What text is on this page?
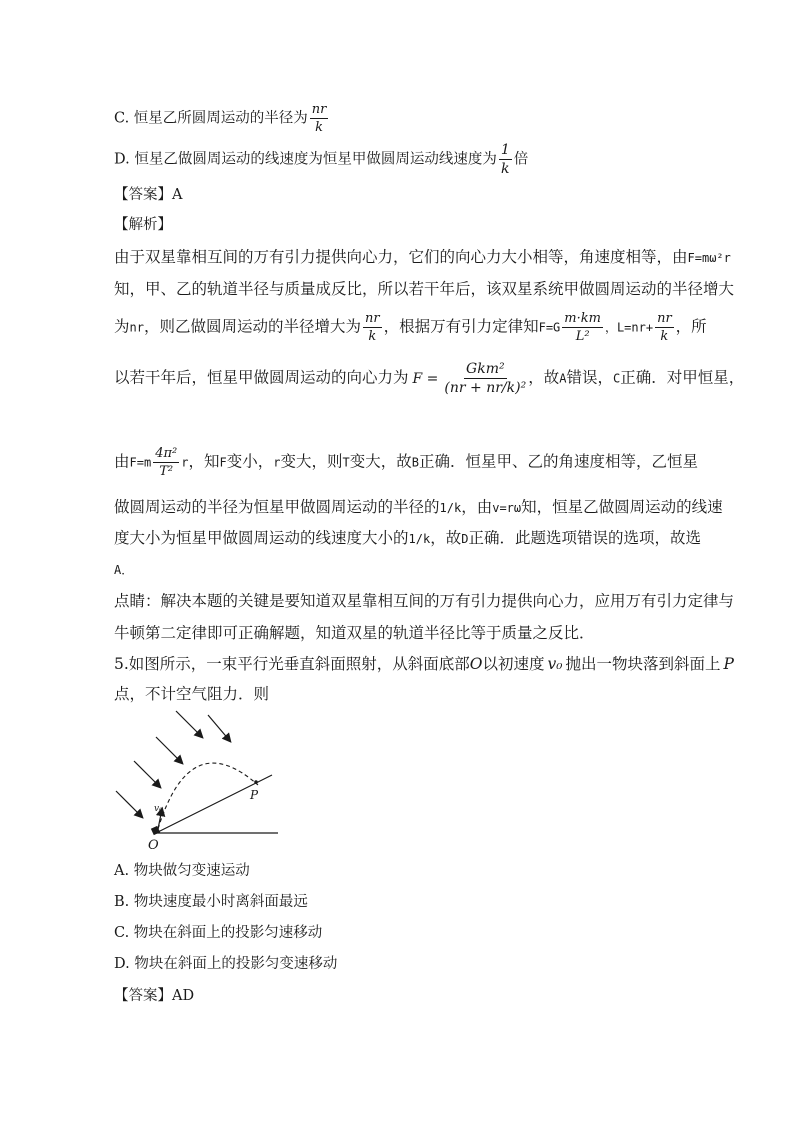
C. 恒星乙所圆周运动的半径为 $\frac{nr}{k}$
D. 恒星乙做圆周运动的线速度为恒星甲做圆周运动线速度为 $\frac{1}{k}$ 倍
【答案】A
【解析】
由于双星靠相互间的万有引力提供向心力，它们的向心力大小相等，角速度相等，由F=mω²r
知，甲、乙的轨道半径与质量成反比，所以若干年后，该双星系统甲做圆周运动的半径增大
为nr，则乙做圆周运动的半径增大为 $\frac{nr}{k}$ ，根据万有引力定律知$F=G \frac{m\cdot km}{\text{L²}}$ ，$L=nr+ \frac{nr}{k}$ ，所
以若干年后，恒星甲做圆周运动的向心力为 $F = \frac{\text{Gkm²}}{\text{(nr + nr/k)²}}$ ，故A错误，C正确．对甲恒星，
由$F=m \frac{\text{4π²}}{\text{T²}}$ r，知F变小，r变大，则T变大，故B正确．恒星甲、乙的角速度相等，乙恒星
做圆周运动的半径为恒星甲做圆周运动的半径的1/k，由v=rω知，恒星乙做圆周运动的线速
度大小为恒星甲做圆周运动的线速度大小的1/k，故D正确．此题选项错误的选项，故选
A．
点睛：解决本题的关键是要知道双星靠相互间的万有引力提供向心力，应用万有引力定律与
牛顿第二定律即可正确解题，知道双星的轨道半径比等于质量之反比．
5.如图所示，一束平行光垂直斜面照射，从斜面底部O以初速度 v₀ 抛出一物块落到斜面上 P
点，不计空气阻力．则
O
P
v₀
A. 物块做匀变速运动
B. 物块速度最小时离斜面最远
C. 物块在斜面上的投影匀速移动
D. 物块在斜面上的投影匀变速移动
【答案】AD
